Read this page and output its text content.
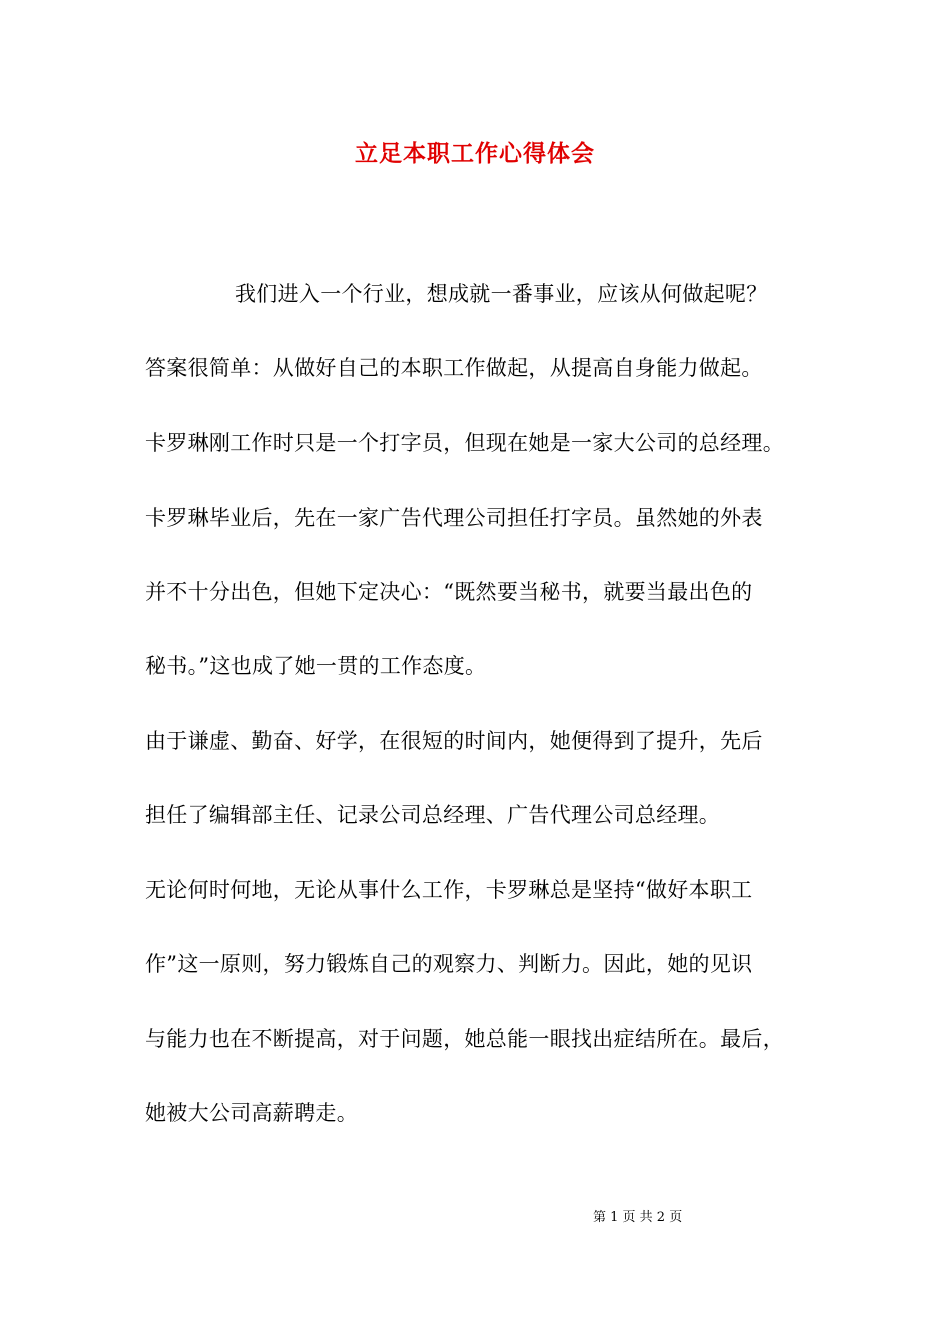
立足本职工作心得体会
我们进入一个行业，想成就一番事业，应该从何做起呢？
答案很简单：从做好自己的本职工作做起，从提高自身能力做起。
卡罗琳刚工作时只是一个打字员，但现在她是一家大公司的总经理。
卡罗琳毕业后，先在一家广告代理公司担任打字员。虽然她的外表
并不十分出色，但她下定决心：“既然要当秘书，就要当最出色的
秘书。”这也成了她一贯的工作态度。
由于谦虚、勤奋、好学，在很短的时间内，她便得到了提升，先后
担任了编辑部主任、记录公司总经理、广告代理公司总经理。
无论何时何地，无论从事什么工作，卡罗琳总是坚持“做好本职工
作”这一原则，努力锻炼自己的观察力、判断力。因此，她的见识
与能力也在不断提高，对于问题，她总能一眼找出症结所在。最后，
她被大公司高薪聘走。
第 1 页 共 2 页
